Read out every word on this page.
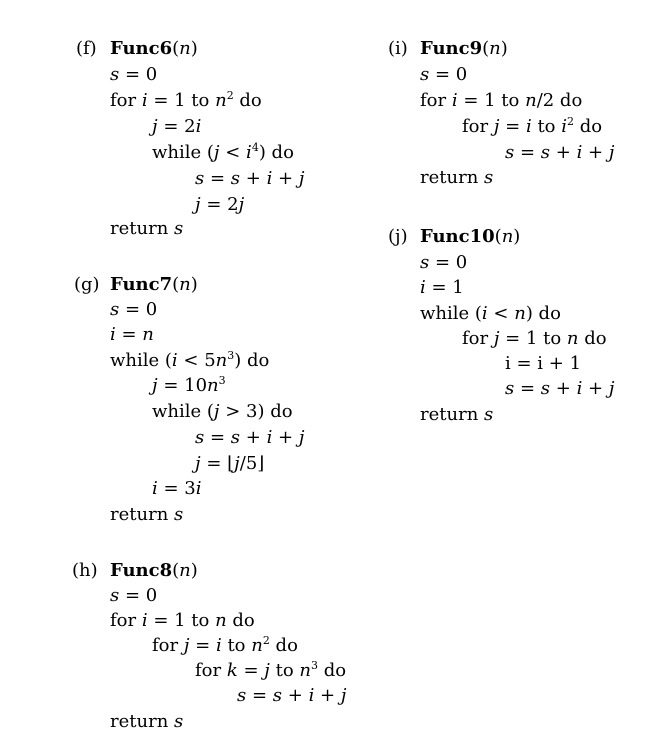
(f) Func6(n)
s = 0
for i = 1 to $n^2$ do
j = 2i
while $(j < i^4)$ do
s = s + i + j
j = 2j
return s
(g) Func7(n)
s = 0
i = n
while $(i < 5n^3)$ do
$j = 10n^3$
while (j > 3) do
s = s + i + j
j = ⌊j/5⌋
i = 3i
return s
(h) Func8(n)
s = 0
for i = 1 to n do
for j = i to $n^2$ do
for k = j to $n^3$ do
s = s + i + j
return s
(i) Func9(n)
s = 0
for i = 1 to n/2 do
for j = i to $i^2$ do
s = s + i + j
return s
(j) Func10(n)
s = 0
i = 1
while (i < n) do
for j = 1 to n do
i = i + 1
s = s + i + j
return s
